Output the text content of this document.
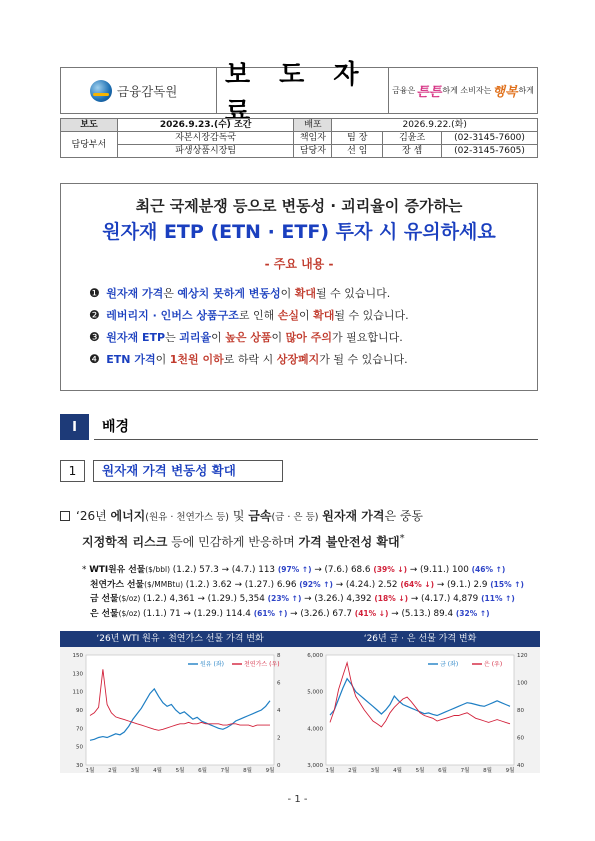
금융감독원
보 도 자 료
금융은 튼튼 하게 소비자는 행복 하게
보도	2026.9.23.(수) 조간	배포	2026.9.22.(화)		
담당부서	자본시장감독국	책임자	팀 장	김윤조	(02-3145-7600)
	파생상품시장팀	담당자	선 임	장 셈	(02-3145-7605)
최근 국제분쟁 등으로 변동성 · 괴리율이 증가하는
원자재 ETP (ETN · ETF) 투자 시 유의하세요
- 주요 내용 -
❶ 원자재 가격은 예상치 못하게 변동성이 확대될 수 있습니다.
❷ 레버리지 · 인버스 상품구조로 인해 손실이 확대될 수 있습니다.
❸ 원자재 ETP는 괴리율이 높은 상품이 많아 주의가 필요합니다.
❹ ETN 가격이 1천원 이하로 하락 시 상장폐지가 될 수 있습니다.
Ⅰ	배경
1	원자재 가격 변동성 확대
‘26년 에너지(원유 · 천연가스 등) 및 금속(금 · 은 등) 원자재 가격은 중동
지정학적 리스크 등에 민감하게 반응하며 가격 불안전성 확대*
* WTI원유 선물($/bbl) (1.2.) 57.3 → (4.7.) 113 (97% ↑) → (7.6.) 68.6 (39% ↓) → (9.11.) 100 (46% ↑)
천연가스 선물($/MMBtu) (1.2.) 3.62 → (1.27.) 6.96 (92% ↑) → (4.24.) 2.52 (64% ↓) → (9.1.) 2.9 (15% ↑)
금 선물($/oz) (1.2.) 4,361 → (1.29.) 5,354 (23% ↑) → (3.26.) 4,392 (18% ↓) → (4.17.) 4,879 (11% ↑)
은 선물($/oz) (1.1.) 71 → (1.29.) 114.4 (61% ↑) → (3.26.) 67.7 (41% ↓) → (5.13.) 89.4 (32% ↑)
‘26년 WTI 원유 · 천연가스 선물 가격 변화
30
50
70
90
110
130
150
0
2
4
6
8
1월 2월 3월 4월 5월 6월 7월 8월 9월
원유 (좌)	천연가스 (우)
‘26년 금 · 은 선물 가격 변화
3,000
4,000
5,000
6,000
40
60
80
100
120
1월 2월 3월 4월 5월 6월 7월 8월 9월
금 (좌)	은 (우)
- 1 -
